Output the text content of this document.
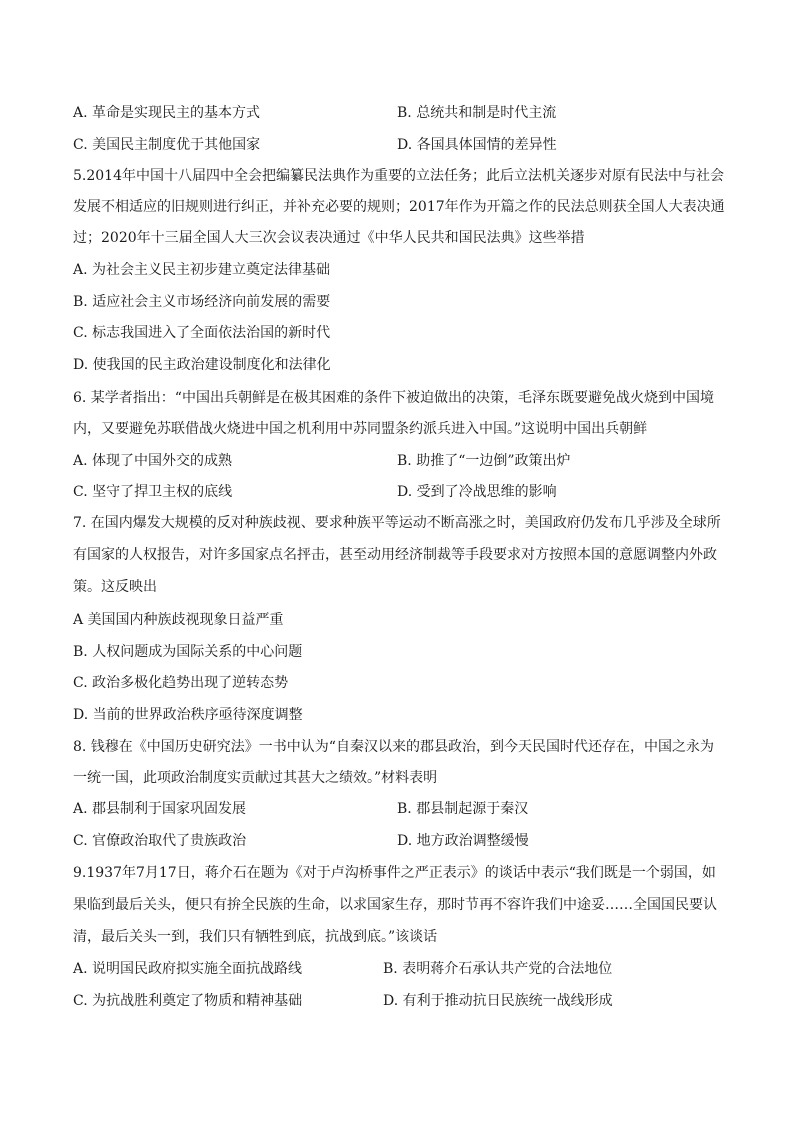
A. 革命是实现民主的基本方式	B. 总统共和制是时代主流
C. 美国民主制度优于其他国家	D. 各国具体国情的差异性
5.2014年中国十八届四中全会把编纂民法典作为重要的立法任务；此后立法机关逐步对原有民法中与社会
发展不相适应的旧规则进行纠正，并补充必要的规则；2017年作为开篇之作的民法总则获全国人大表决通
过；2020年十三届全国人大三次会议表决通过《中华人民共和国民法典》这些举措
A. 为社会主义民主初步建立奠定法律基础
B. 适应社会主义市场经济向前发展的需要
C. 标志我国进入了全面依法治国的新时代
D. 使我国的民主政治建设制度化和法律化
6. 某学者指出：“中国出兵朝鲜是在极其困难的条件下被迫做出的决策，毛泽东既要避免战火烧到中国境
内，又要避免苏联借战火烧进中国之机利用中苏同盟条约派兵进入中国。”这说明中国出兵朝鲜
A. 体现了中国外交的成熟	B. 助推了“一边倒”政策出炉
C. 坚守了捍卫主权的底线	D. 受到了冷战思维的影响
7. 在国内爆发大规模的反对种族歧视、要求种族平等运动不断高涨之时，美国政府仍发布几乎涉及全球所
有国家的人权报告，对许多国家点名抨击，甚至动用经济制裁等手段要求对方按照本国的意愿调整内外政
策。这反映出
A 美国国内种族歧视现象日益严重
B. 人权问题成为国际关系的中心问题
C. 政治多极化趋势出现了逆转态势
D. 当前的世界政治秩序亟待深度调整
8. 钱穆在《中国历史研究法》一书中认为“自秦汉以来的郡县政治，到今天民国时代还存在，中国之永为
一统一国，此项政治制度实贡献过其甚大之绩效。”材料表明
A. 郡县制利于国家巩固发展	B. 郡县制起源于秦汉
C. 官僚政治取代了贵族政治	D. 地方政治调整缓慢
9.1937年7月17日，蒋介石在题为《对于卢沟桥事件之严正表示》的谈话中表示“我们既是一个弱国，如
果临到最后关头，便只有拚全民族的生命，以求国家生存，那时节再不容许我们中途妥……全国国民要认
清，最后关头一到，我们只有牺牲到底，抗战到底。”该谈话
A. 说明国民政府拟实施全面抗战路线	B. 表明蒋介石承认共产党的合法地位
C. 为抗战胜利奠定了物质和精神基础	D. 有利于推动抗日民族统一战线形成
